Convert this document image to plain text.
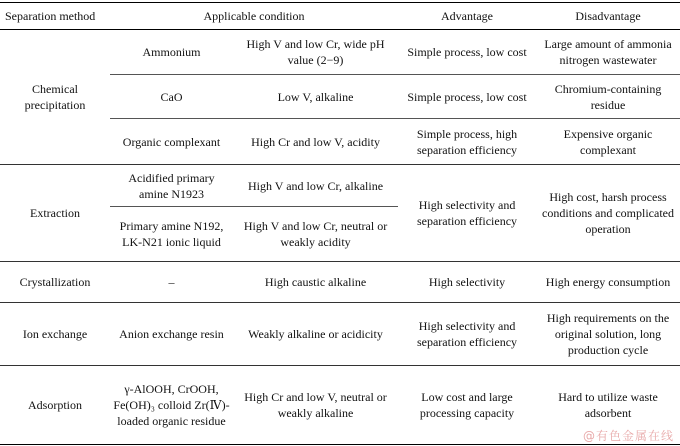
Separation method	Applicable condition		Advantage	Disadvantage
Chemical precipitation	Ammonium	High V and low Cr, wide pH value (2−9)	Simple process, low cost	Large amount of ammonia nitrogen wastewater
	CaO	Low V, alkaline	Simple process, low cost	Chromium-containing residue
	Organic complexant	High Cr and low V, acidity	Simple process, high separation efficiency	Expensive organic complexant
Extraction	Acidified primary amine N1923	High V and low Cr, alkaline	High selectivity and separation efficiency	High cost, harsh process conditions and complicated operation
	Primary amine N192, LK-N21 ionic liquid	High V and low Cr, neutral or weakly acidity		
Crystallization	–	High caustic alkaline	High selectivity	High energy consumption
Ion exchange	Anion exchange resin	Weakly alkaline or acidicity	High selectivity and separation efficiency	High requirements on the original solution, long production cycle
Adsorption	γ-AlOOH, CrOOH, Fe(OH)₃ colloid Zr(Ⅳ)-loaded organic residue	High Cr and low V, neutral or weakly alkaline	Low cost and large processing capacity	Hard to utilize waste adsorbent
@有色金属在线
